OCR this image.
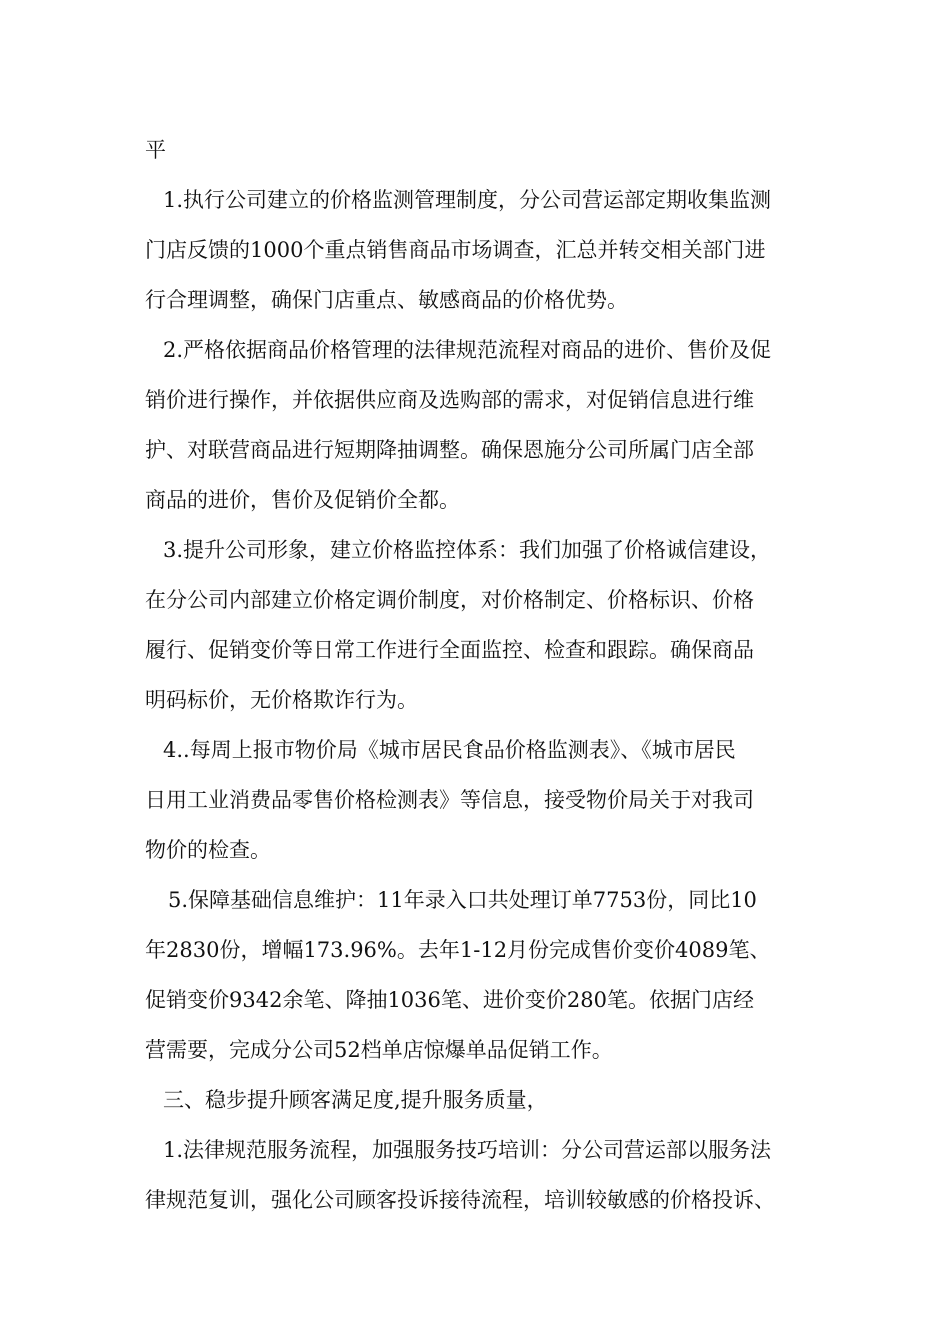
平
1.执行公司建立的价格监测管理制度，分公司营运部定期收集监测
门店反馈的1000个重点销售商品市场调查，汇总并转交相关部门进
行合理调整，确保门店重点、敏感商品的价格优势。
2.严格依据商品价格管理的法律规范流程对商品的进价、售价及促
销价进行操作，并依据供应商及选购部的需求，对促销信息进行维
护、对联营商品进行短期降抽调整。确保恩施分公司所属门店全部
商品的进价，售价及促销价全都。
3.提升公司形象，建立价格监控体系：我们加强了价格诚信建设，
在分公司内部建立价格定调价制度，对价格制定、价格标识、价格
履行、促销变价等日常工作进行全面监控、检查和跟踪。确保商品
明码标价，无价格欺诈行为。
4..每周上报市物价局《城市居民食品价格监测表》、《城市居民
日用工业消费品零售价格检测表》等信息，接受物价局关于对我司
物价的检查。
5.保障基础信息维护：11年录入口共处理订单7753份，同比10
年2830份，增幅173.96%。去年1-12月份完成售价变价4089笔、
促销变价9342余笔、降抽1036笔、进价变价280笔。依据门店经
营需要，完成分公司52档单店惊爆单品促销工作。
三、稳步提升顾客满足度,提升服务质量，
1.法律规范服务流程，加强服务技巧培训：分公司营运部以服务法
律规范复训，强化公司顾客投诉接待流程，培训较敏感的价格投诉、
